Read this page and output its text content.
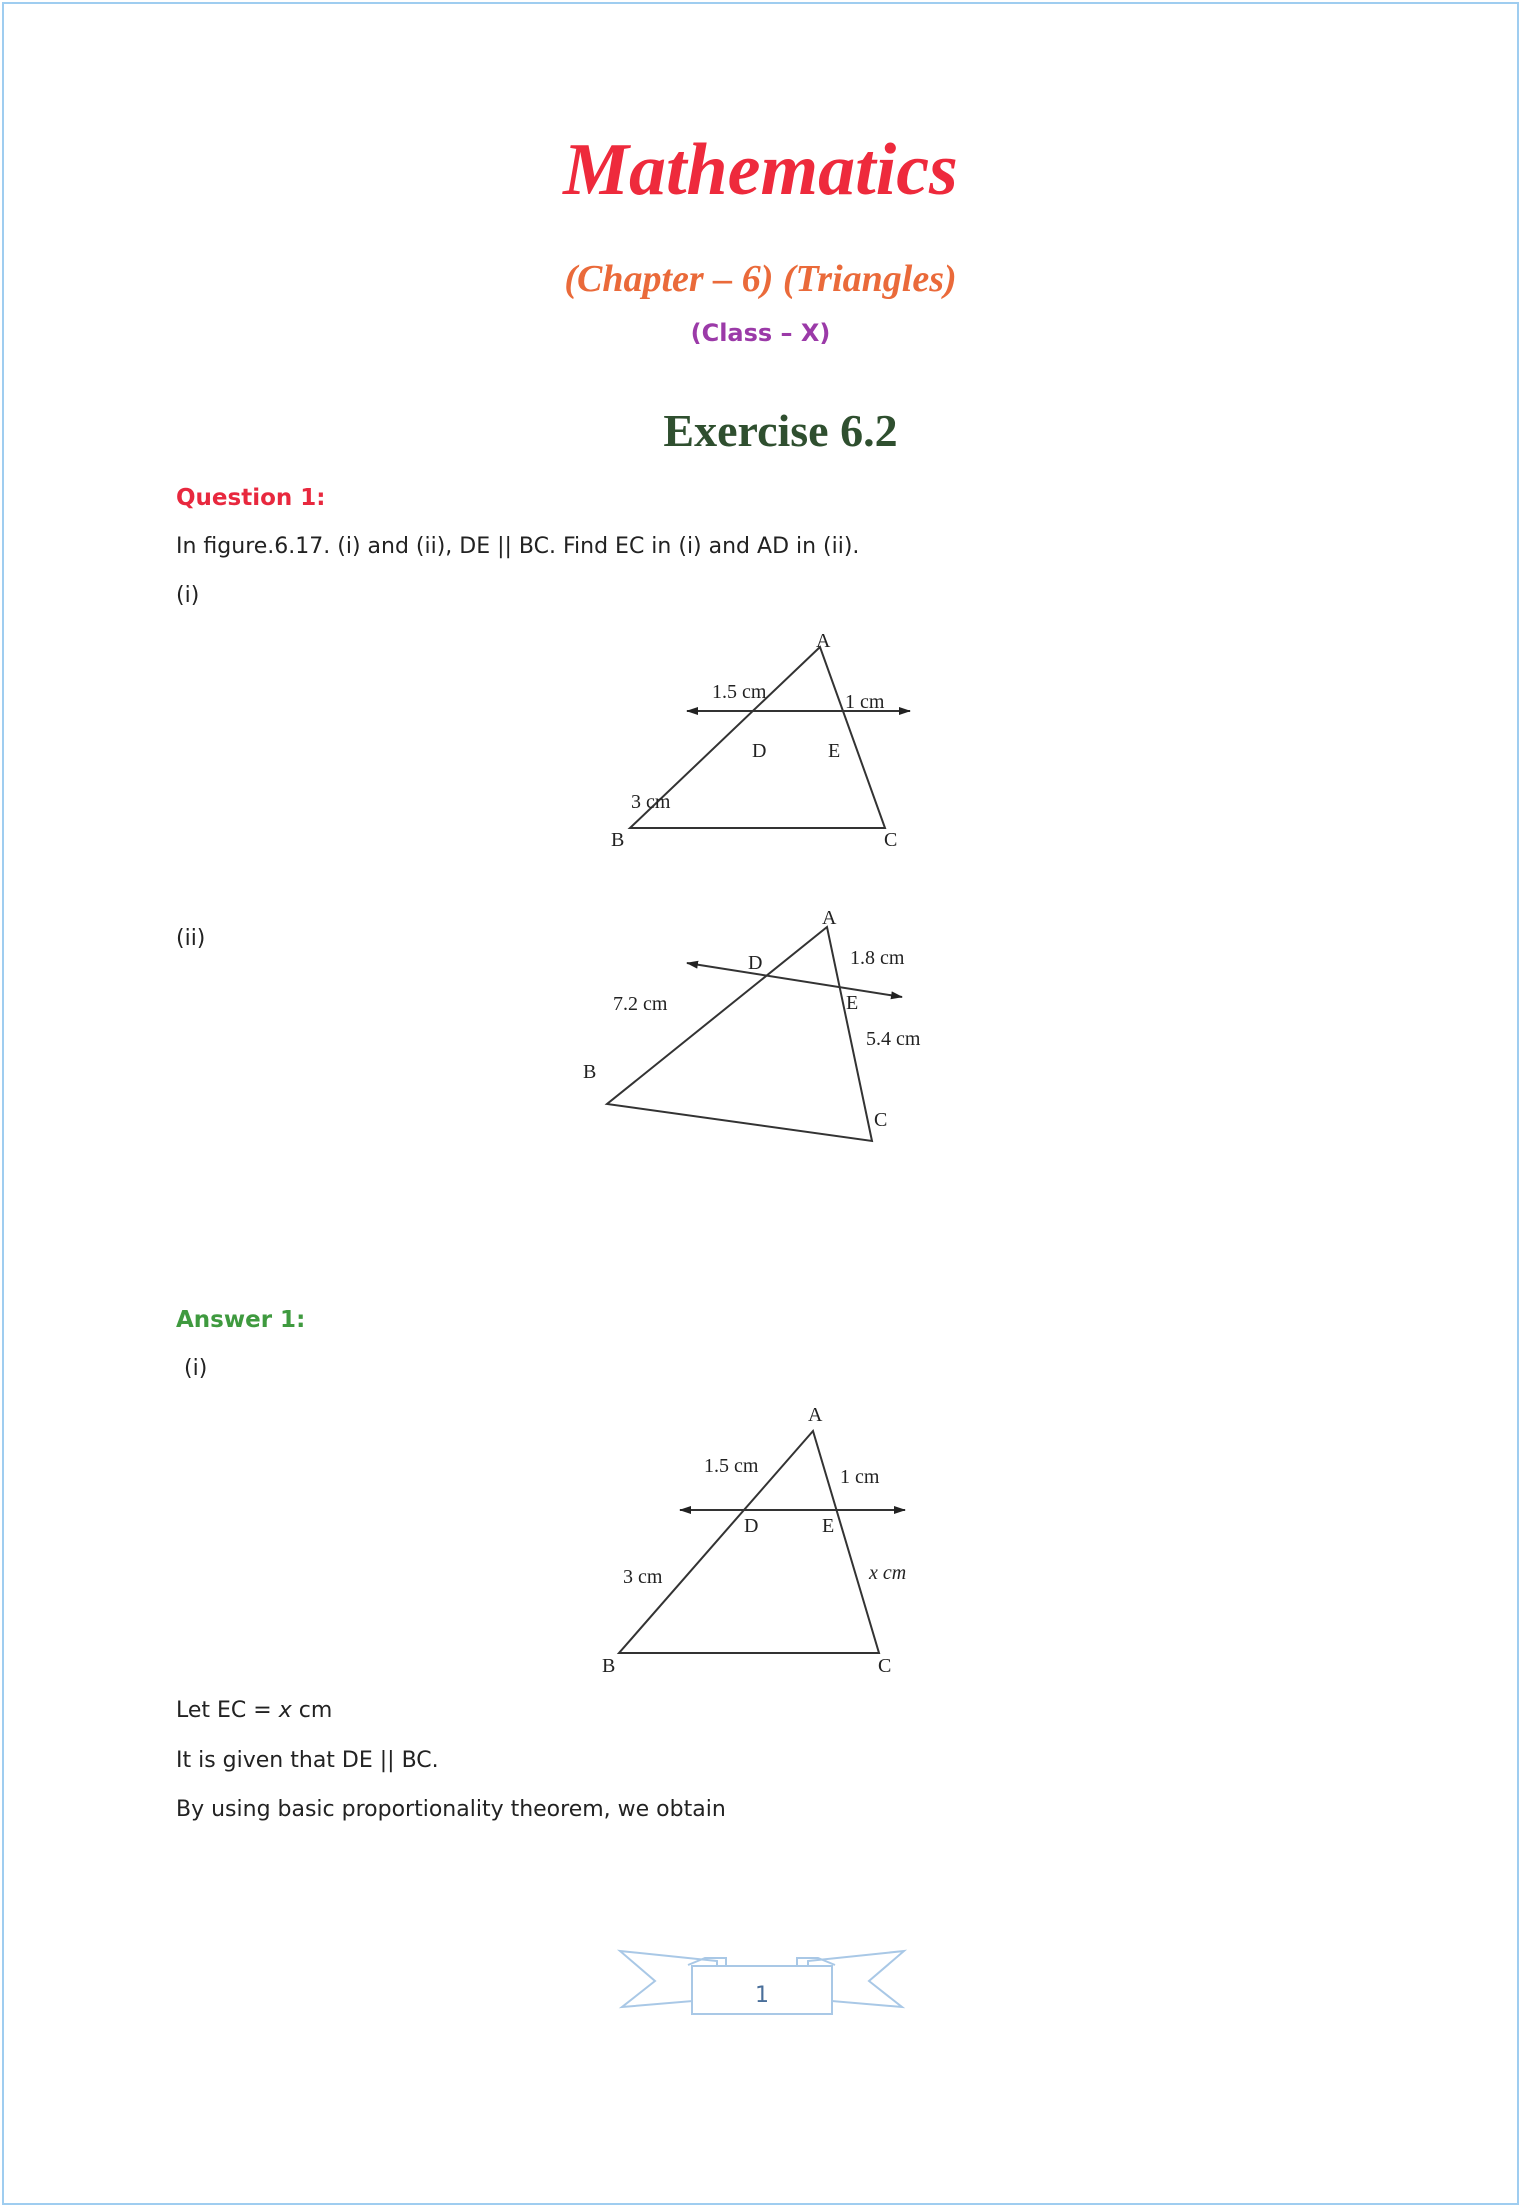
Mathematics
(Chapter – 6) (Triangles)
(Class – X)
Exercise 6.2
Question 1:
In figure.6.17. (i) and (ii), DE || BC. Find EC in (i) and AD in (ii).
(i)
(ii)
Answer 1:
(i)
Let EC = x cm
It is given that DE || BC.
By using basic proportionality theorem, we obtain
A
D	E
B	C
1.5 cm	1 cm
3 cm
A
D
E
B
C
1.8 cm
7.2 cm
5.4 cm
A
D	E
B	C
1.5 cm	1 cm
3 cm	x cm
1
